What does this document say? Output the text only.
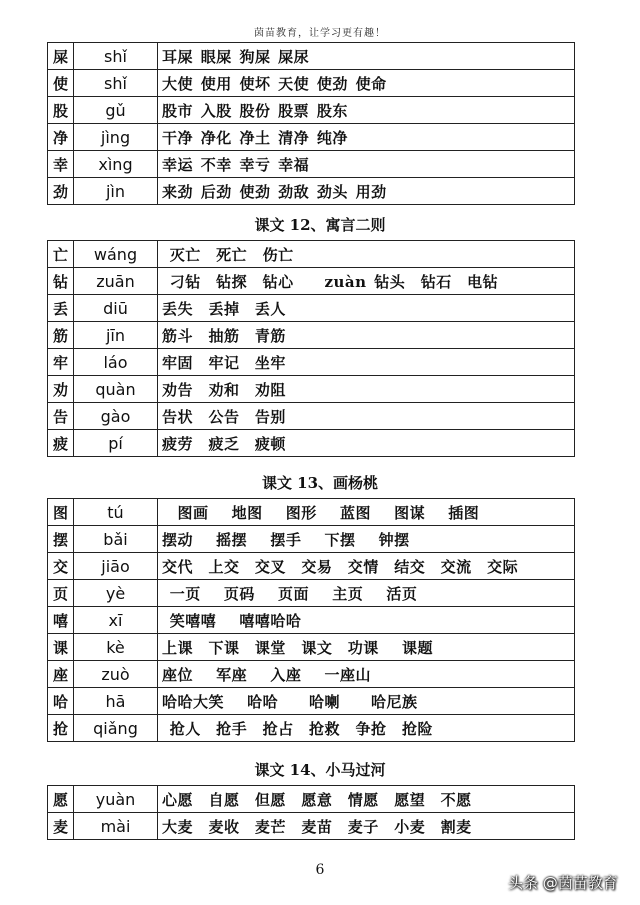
茵苗教育，让学习更有趣！
屎	shǐ	耳屎 眼屎 狗屎 屎尿
使	shǐ	大使 使用 使坏 天使 使劲 使命
股	gǔ	股市 入股 股份 股票 股东
净	jìng	干净 净化 净土 清净 纯净
幸	xìng	幸运 不幸 幸亏 幸福
劲	jìn	来劲 后劲 使劲 劲敌 劲头 用劲
课文 12、寓言二则
亡	wáng	灭亡  死亡  伤亡
钻	zuān	刁钻  钻探  钻心    zuàn 钻头  钻石  电钻
丢	diū	丢失  丢掉  丢人
筋	jīn	筋斗  抽筋  青筋
牢	láo	牢固  牢记  坐牢
劝	quàn	劝告  劝和  劝阻
告	gào	告状  公告  告别
疲	pí	疲劳  疲乏  疲顿
课文 13、画杨桃
图	tú	图画   地图   图形   蓝图   图谋   插图
摆	bǎi	摆动   摇摆   摆手   下摆   钟摆
交	jiāo	交代  上交  交叉  交易  交情  结交  交流  交际
页	yè	一页   页码   页面   主页   活页
嘻	xī	笑嘻嘻   嘻嘻哈哈
课	kè	上课  下课  课堂  课文  功课   课题
座	zuò	座位   军座   入座   一座山
哈	hā	哈哈大笑   哈哈    哈喇    哈尼族
抢	qiǎng	抢人  抢手  抢占  抢救  争抢  抢险
课文 14、小马过河
愿	yuàn	心愿  自愿  但愿  愿意  情愿  愿望  不愿
麦	mài	大麦  麦收  麦芒  麦苗  麦子  小麦  割麦
6
头条 @茵苗教育
